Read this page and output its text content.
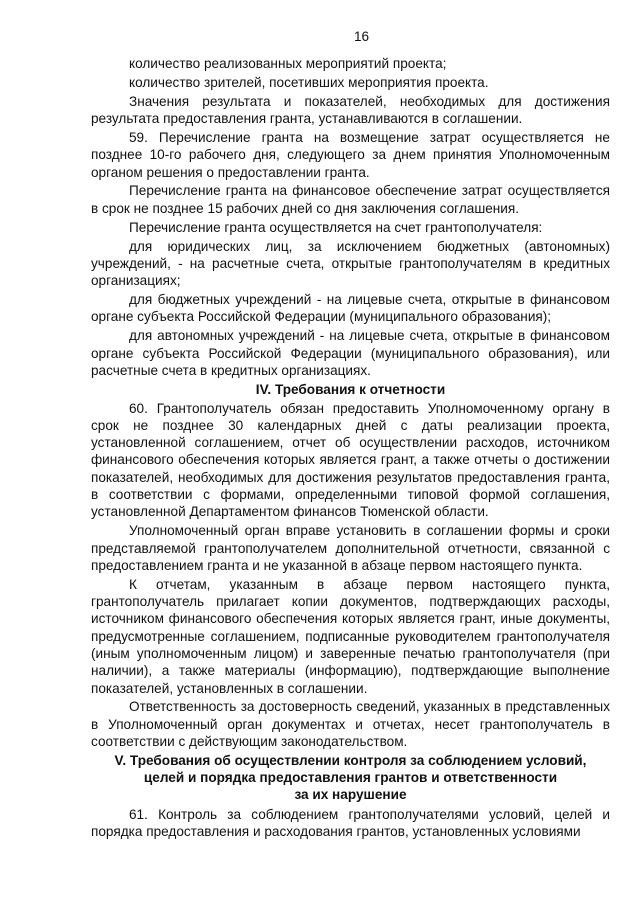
16

количество реализованных мероприятий проекта;

количество зрителей, посетивших мероприятия проекта.

Значения результата и показателей, необходимых для достижения результата предоставления гранта, устанавливаются в соглашении.

59. Перечисление гранта на возмещение затрат осуществляется не позднее 10-го рабочего дня, следующего за днем принятия Уполномоченным органом решения о предоставлении гранта.

Перечисление гранта на финансовое обеспечение затрат осуществляется в срок не позднее 15 рабочих дней со дня заключения соглашения.

Перечисление гранта осуществляется на счет грантополучателя:

для юридических лиц, за исключением бюджетных (автономных) учреждений, - на расчетные счета, открытые грантополучателям в кредитных организациях;

для бюджетных учреждений - на лицевые счета, открытые в финансовом органе субъекта Российской Федерации (муниципального образования);

для автономных учреждений - на лицевые счета, открытые в финансовом органе субъекта Российской Федерации (муниципального образования), или расчетные счета в кредитных организациях.

IV. Требования к отчетности

60. Грантополучатель обязан предоставить Уполномоченному органу в срок не позднее 30 календарных дней с даты реализации проекта, установленной соглашением, отчет об осуществлении расходов, источником финансового обеспечения которых является грант, а также отчеты о достижении показателей, необходимых для достижения результатов предоставления гранта, в соответствии с формами, определенными типовой формой соглашения, установленной Департаментом финансов Тюменской области.

Уполномоченный орган вправе установить в соглашении формы и сроки представляемой грантополучателем дополнительной отчетности, связанной с предоставлением гранта и не указанной в абзаце первом настоящего пункта.

К отчетам, указанным в абзаце первом настоящего пункта, грантополучатель прилагает копии документов, подтверждающих расходы, источником финансового обеспечения которых является грант, иные документы, предусмотренные соглашением, подписанные руководителем грантополучателя (иным уполномоченным лицом) и заверенные печатью грантополучателя (при наличии), а также материалы (информацию), подтверждающие выполнение показателей, установленных в соглашении.

Ответственность за достоверность сведений, указанных в представленных в Уполномоченный орган документах и отчетах, несет грантополучатель в соответствии с действующим законодательством.

V. Требования об осуществлении контроля за соблюдением условий,
целей и порядка предоставления грантов и ответственности
за их нарушение

61. Контроль за соблюдением грантополучателями условий, целей и порядка предоставления и расходования грантов, установленных условиями
